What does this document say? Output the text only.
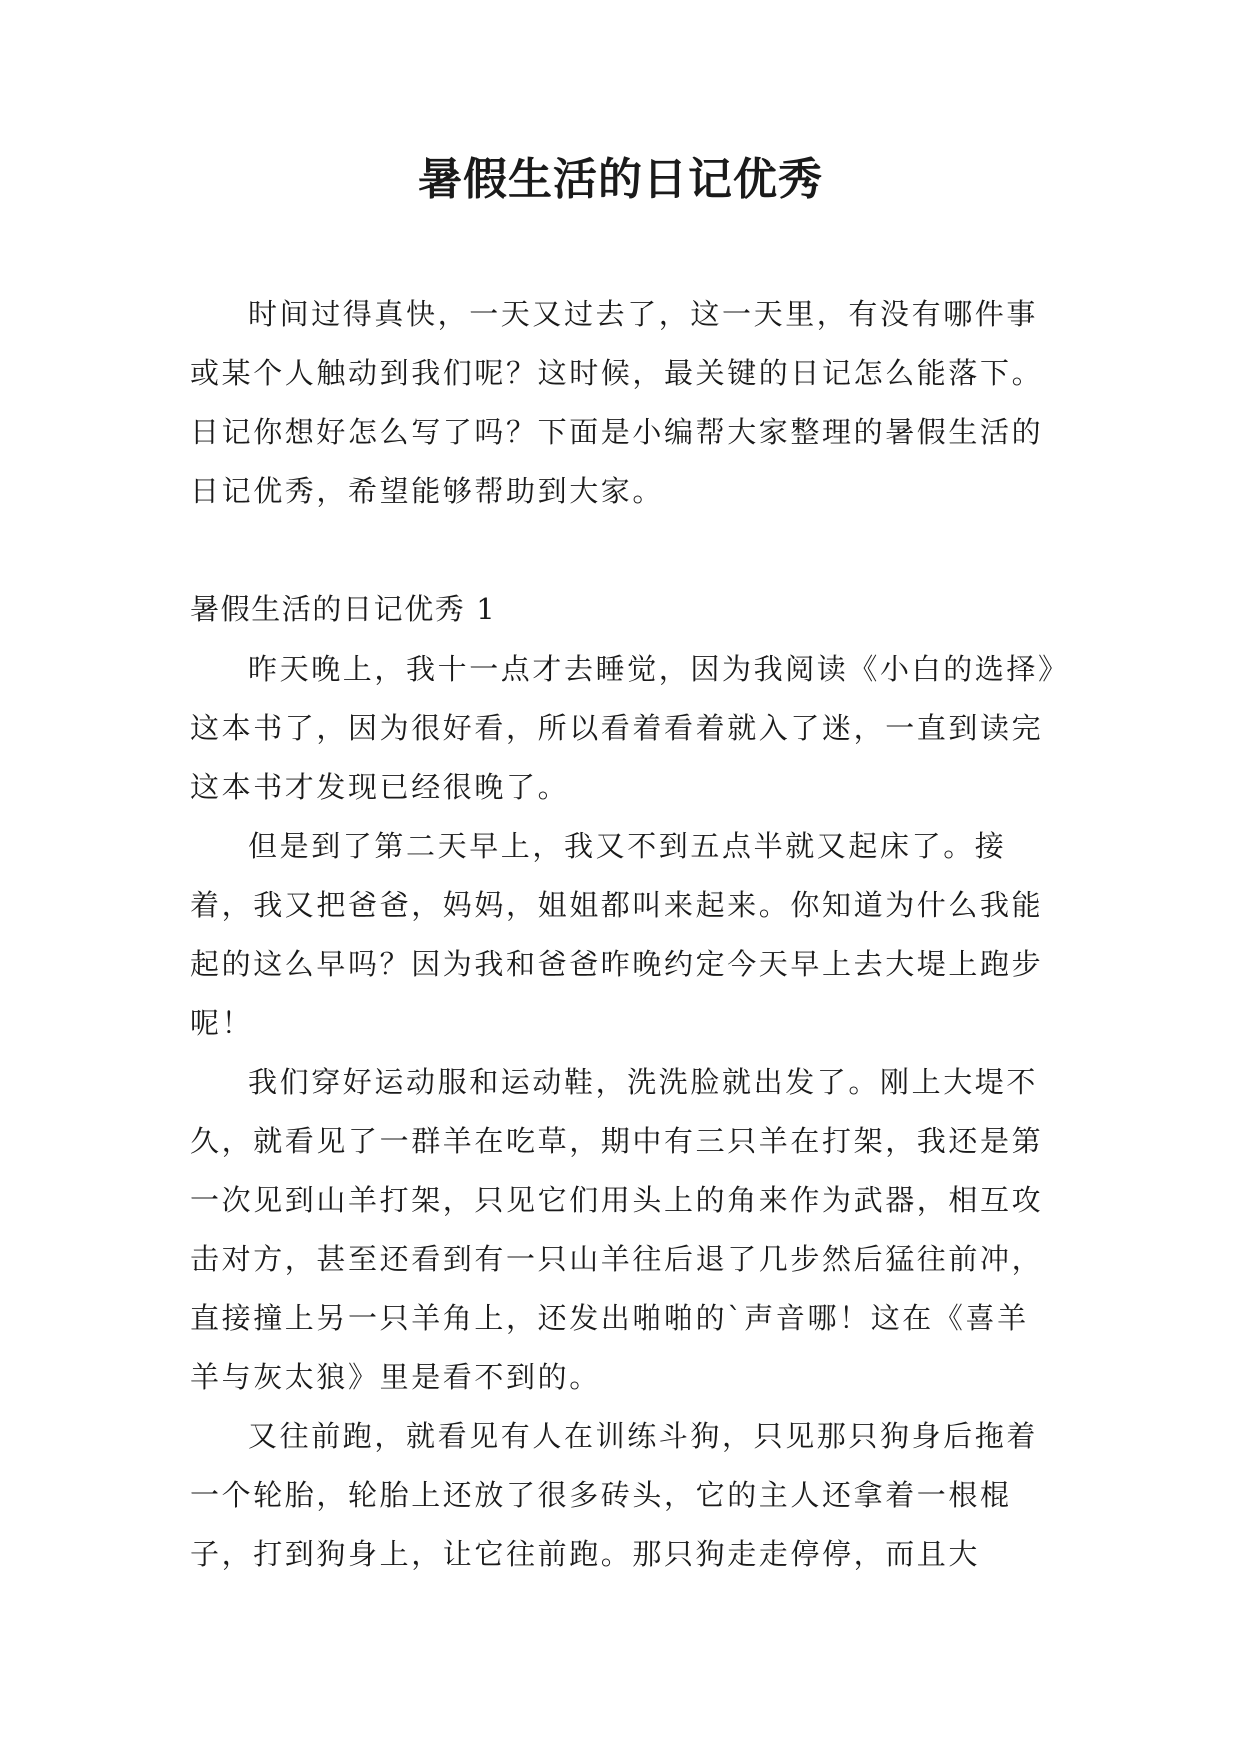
暑假生活的日记优秀

时间过得真快，一天又过去了，这一天里，有没有哪件事或某个人触动到我们呢？这时候，最关键的日记怎么能落下。日记你想好怎么写了吗？下面是小编帮大家整理的暑假生活的日记优秀，希望能够帮助到大家。

暑假生活的日记优秀 1

昨天晚上，我十一点才去睡觉，因为我阅读《小白的选择》这本书了，因为很好看，所以看着看着就入了迷，一直到读完这本书才发现已经很晚了。

但是到了第二天早上，我又不到五点半就又起床了。接着，我又把爸爸，妈妈，姐姐都叫来起来。你知道为什么我能起的这么早吗？因为我和爸爸昨晚约定今天早上去大堤上跑步呢！

我们穿好运动服和运动鞋，洗洗脸就出发了。刚上大堤不久，就看见了一群羊在吃草，期中有三只羊在打架，我还是第一次见到山羊打架，只见它们用头上的角来作为武器，相互攻击对方，甚至还看到有一只山羊往后退了几步然后猛往前冲，直接撞上另一只羊角上，还发出啪啪的`声音哪！这在《喜羊羊与灰太狼》里是看不到的。

又往前跑，就看见有人在训练斗狗，只见那只狗身后拖着一个轮胎，轮胎上还放了很多砖头，它的主人还拿着一根棍子，打到狗身上，让它往前跑。那只狗走走停停，而且大
